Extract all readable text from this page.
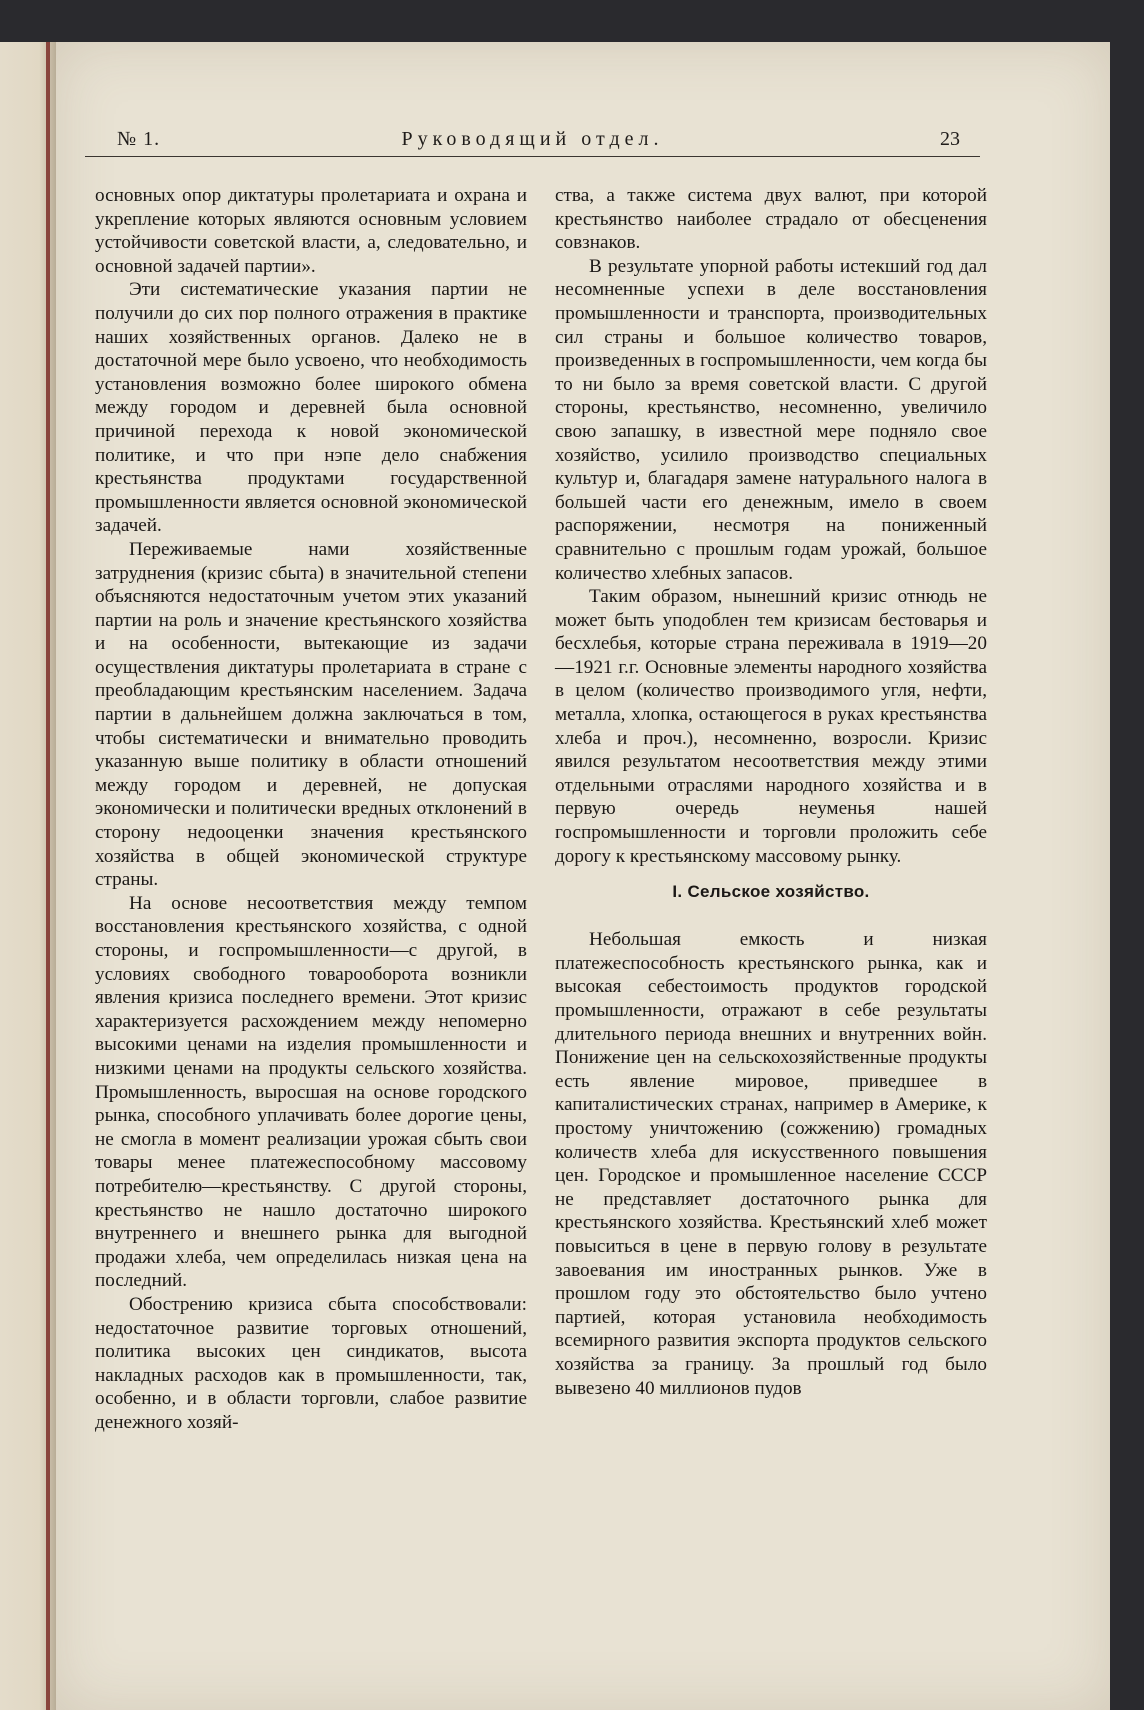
№ 1.	Руководящий отдел.	23

основных опор диктатуры пролетариата и охрана и укрепление которых являются основным условием устойчивости советской власти, а, следовательно, и основной задачей партии».

Эти систематические указания партии не получили до сих пор полного отражения в практике наших хозяйственных органов. Далеко не в достаточной мере было усвоено, что необходимость установления возможно более широкого обмена между городом и деревней была основной причиной перехода к новой экономической политике, и что при нэпе дело снабжения крестьянства продуктами государственной промышленности является основной экономической задачей.

Переживаемые нами хозяйственные затруднения (кризис сбыта) в значительной степени объясняются недостаточным учетом этих указаний партии на роль и значение крестьянского хозяйства и на особенности, вытекающие из задачи осуществления диктатуры пролетариата в стране с преобладающим крестьянским населением. Задача партии в дальнейшем должна заключаться в том, чтобы систематически и внимательно проводить указанную выше политику в области отношений между городом и деревней, не допуская экономически и политически вредных отклонений в сторону недооценки значения крестьянского хозяйства в общей экономической структуре страны.

На основе несоответствия между темпом восстановления крестьянского хозяйства, с одной стороны, и госпромышленности—с другой, в условиях свободного товарооборота возникли явления кризиса последнего времени. Этот кризис характеризуется расхождением между непомерно высокими ценами на изделия промышленности и низкими ценами на продукты сельского хозяйства. Промышленность, выросшая на основе городского рынка, способного уплачивать более дорогие цены, не смогла в момент реализации урожая сбыть свои товары менее платежеспособному массовому потребителю—крестьянству. С другой стороны, крестьянство не нашло достаточно широкого внутреннего и внешнего рынка для выгодной продажи хлеба, чем определилась низкая цена на последний.

Обострению кризиса сбыта способствовали: недостаточное развитие торговых отношений, политика высоких цен синдикатов, высота накладных расходов как в промышленности, так, особенно, и в области торговли, слабое развитие денежного хозяй-

ства, а также система двух валют, при которой крестьянство наиболее страдало от обесценения совзнаков.

В результате упорной работы истекший год дал несомненные успехи в деле восстановления промышленности и транспорта, производительных сил страны и большое количество товаров, произведенных в госпромышленности, чем когда бы то ни было за время советской власти. С другой стороны, крестьянство, несомненно, увеличило свою запашку, в известной мере подняло свое хозяйство, усилило производство специальных культур и, благадаря замене натурального налога в большей части его денежным, имело в своем распоряжении, несмотря на пониженный сравнительно с прошлым годам урожай, большое количество хлебных запасов.

Таким образом, нынешний кризис отнюдь не может быть уподоблен тем кризисам бестоварья и бесхлебья, которые страна переживала в 1919—20—1921 г.г. Основные элементы народного хозяйства в целом (количество производимого угля, нефти, металла, хлопка, остающегося в руках крестьянства хлеба и проч.), несомненно, возросли. Кризис явился результатом несоответствия между этими отдельными отраслями народного хозяйства и в первую очередь неуменья нашей госпромышленности и торговли проложить себе дорогу к крестьянскому массовому рынку.

I. Сельское хозяйство.

Небольшая емкость и низкая платежеспособность крестьянского рынка, как и высокая себестоимость продуктов городской промышленности, отражают в себе результаты длительного периода внешних и внутренних войн. Понижение цен на сельскохозяйственные продукты есть явление мировое, приведшее в капиталистических странах, например в Америке, к простому уничтожению (сожжению) громадных количеств хлеба для искусственного повышения цен. Городское и промышленное население СССР не представляет достаточного рынка для крестьянского хозяйства. Крестьянский хлеб может повыситься в цене в первую голову в результате завоевания им иностранных рынков. Уже в прошлом году это обстоятельство было учтено партией, которая установила необходимость всемирного развития экспорта продуктов сельского хозяйства за границу. За прошлый год было вывезено 40 миллионов пудов
